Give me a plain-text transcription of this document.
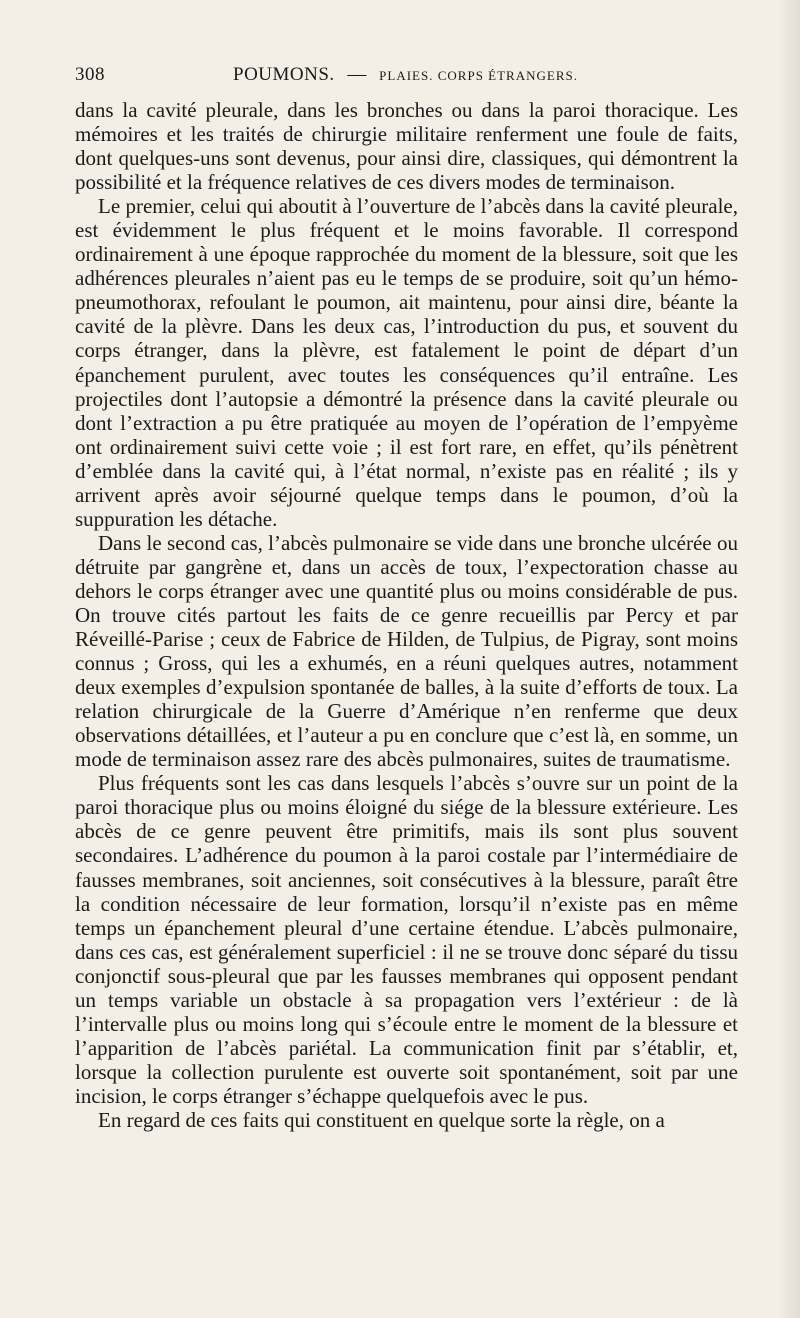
308	POUMONS. — PLAIES. CORPS ÉTRANGERS.

dans la cavité pleurale, dans les bronches ou dans la paroi thoracique. Les mémoires et les traités de chirurgie militaire renferment une foule de faits, dont quelques-uns sont devenus, pour ainsi dire, classiques, qui démontrent la possibilité et la fréquence relatives de ces divers modes de terminaison.

Le premier, celui qui aboutit à l’ouverture de l’abcès dans la cavité pleurale, est évidemment le plus fréquent et le moins favorable. Il correspond ordinairement à une époque rapprochée du moment de la blessure, soit que les adhérences pleurales n’aient pas eu le temps de se produire, soit qu’un hémo-pneumothorax, refoulant le poumon, ait maintenu, pour ainsi dire, béante la cavité de la plèvre. Dans les deux cas, l’introduction du pus, et souvent du corps étranger, dans la plèvre, est fatalement le point de départ d’un épanchement purulent, avec toutes les conséquences qu’il entraîne. Les projectiles dont l’autopsie a démontré la présence dans la cavité pleurale ou dont l’extraction a pu être pratiquée au moyen de l’opération de l’empyème ont ordinairement suivi cette voie ; il est fort rare, en effet, qu’ils pénètrent d’emblée dans la cavité qui, à l’état normal, n’existe pas en réalité ; ils y arrivent après avoir séjourné quelque temps dans le poumon, d’où la suppuration les détache.

Dans le second cas, l’abcès pulmonaire se vide dans une bronche ulcérée ou détruite par gangrène et, dans un accès de toux, l’expectoration chasse au dehors le corps étranger avec une quantité plus ou moins considérable de pus. On trouve cités partout les faits de ce genre recueillis par Percy et par Réveillé-Parise ; ceux de Fabrice de Hilden, de Tulpius, de Pigray, sont moins connus ; Gross, qui les a exhumés, en a réuni quelques autres, notamment deux exemples d’expulsion spontanée de balles, à la suite d’efforts de toux. La relation chirurgicale de la Guerre d’Amérique n’en renferme que deux observations détaillées, et l’auteur a pu en conclure que c’est là, en somme, un mode de terminaison assez rare des abcès pulmonaires, suites de traumatisme.

Plus fréquents sont les cas dans lesquels l’abcès s’ouvre sur un point de la paroi thoracique plus ou moins éloigné du siége de la blessure extérieure. Les abcès de ce genre peuvent être primitifs, mais ils sont plus souvent secondaires. L’adhérence du poumon à la paroi costale par l’intermédiaire de fausses membranes, soit anciennes, soit consécutives à la blessure, paraît être la condition nécessaire de leur formation, lorsqu’il n’existe pas en même temps un épanchement pleural d’une certaine étendue. L’abcès pulmonaire, dans ces cas, est généralement superficiel : il ne se trouve donc séparé du tissu conjonctif sous-pleural que par les fausses membranes qui opposent pendant un temps variable un obstacle à sa propagation vers l’extérieur : de là l’intervalle plus ou moins long qui s’écoule entre le moment de la blessure et l’apparition de l’abcès pariétal. La communication finit par s’établir, et, lorsque la collection purulente est ouverte soit spontanément, soit par une incision, le corps étranger s’échappe quelquefois avec le pus.

En regard de ces faits qui constituent en quelque sorte la règle, on a
